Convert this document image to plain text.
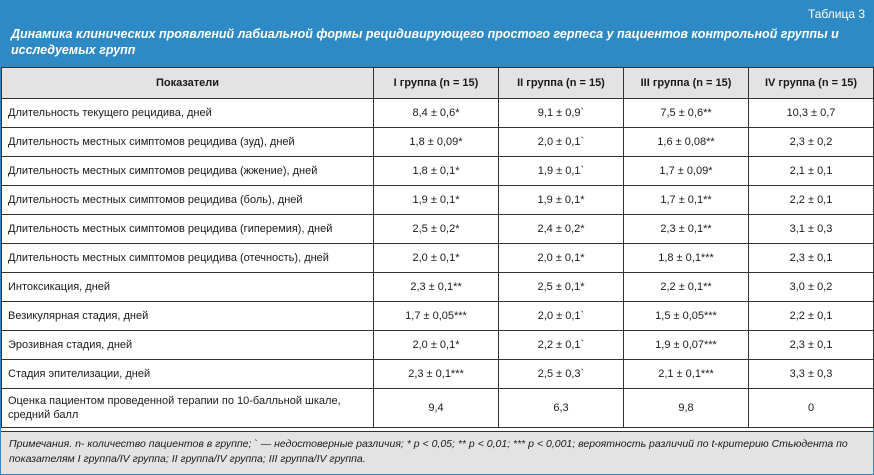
Таблица 3
Динамика клинических проявлений лабиальной формы рецидивирующего простого герпеса у пациентов контрольной группы и исследуемых групп
Показатели	I группа (n = 15)	II группа (n = 15)	III группа (n = 15)	IV группа (n = 15)
Длительность текущего рецидива, дней	8,4 ± 0,6*	9,1 ± 0,9`	7,5 ± 0,6**	10,3 ± 0,7
Длительность местных симптомов рецидива (зуд), дней	1,8 ± 0,09*	2,0 ± 0,1`	1,6 ± 0,08**	2,3 ± 0,2
Длительность местных симптомов рецидива (жжение), дней	1,8 ± 0,1*	1,9 ± 0,1`	1,7 ± 0,09*	2,1 ± 0,1
Длительность местных симптомов рецидива (боль), дней	1,9 ± 0,1*	1,9 ± 0,1*	1,7 ± 0,1**	2,2 ± 0,1
Длительность местных симптомов рецидива (гиперемия), дней	2,5 ± 0,2*	2,4 ± 0,2*	2,3 ± 0,1**	3,1 ± 0,3
Длительность местных симптомов рецидива (отечность), дней	2,0 ± 0,1*	2,0 ± 0,1*	1,8 ± 0,1***	2,3 ± 0,1
Интоксикация, дней	2,3 ± 0,1**	2,5 ± 0,1*	2,2 ± 0,1**	3,0 ± 0,2
Везикулярная стадия, дней	1,7 ± 0,05***	2,0 ± 0,1`	1,5 ± 0,05***	2,2 ± 0,1
Эрозивная стадия, дней	2,0 ± 0,1*	2,2 ± 0,1`	1,9 ± 0,07***	2,3 ± 0,1
Стадия эпителизации, дней	2,3 ± 0,1***	2,5 ± 0,3`	2,1 ± 0,1***	3,3 ± 0,3
Оценка пациентом проведенной терапии по 10-балльной шкале, средний балл	9,4	6,3	9,8	0
Примечания. n- количество пациентов в группе; ` — недостоверные различия; * p < 0,05; ** p < 0,01; *** p < 0,001; вероятность различий по t-критерию Стьюдента по показателям I группа/IV группа; II группа/IV группа; III группа/IV группа.
